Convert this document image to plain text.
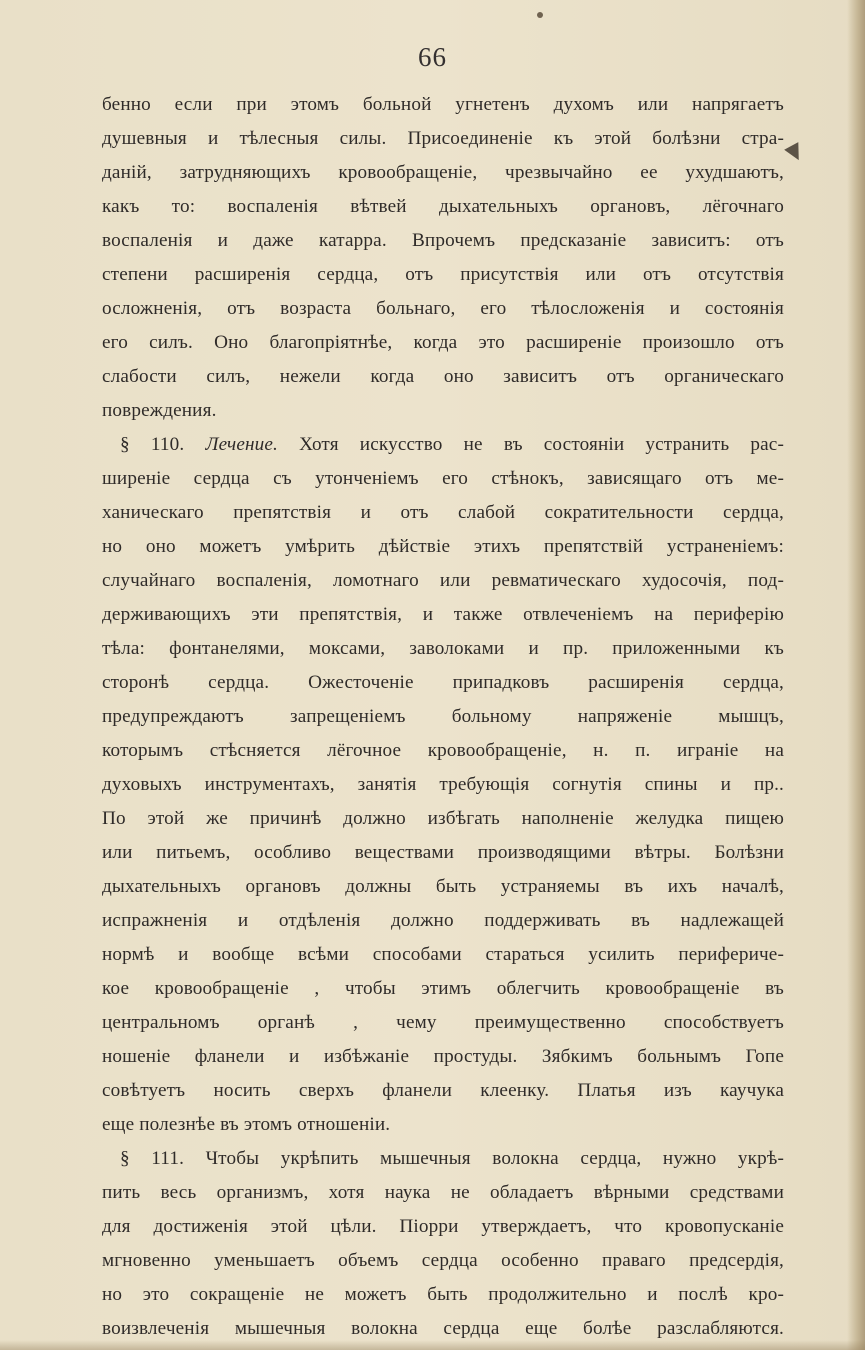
66
бенно если при этомъ больной угнетенъ духомъ или напрягаетъ
душевныя и тѣлесныя силы. Присоединеніе къ этой болѣзни стра-
даній, затрудняющихъ кровообращеніе, чрезвычайно ее ухудшаютъ,
какъ то: воспаленія вѣтвей дыхательныхъ органовъ, лёгочнаго
воспаленія и даже катарра. Впрочемъ предсказаніе зависитъ: отъ
степени расширенія сердца, отъ присутствія или отъ отсутствія
осложненія, отъ возраста больнаго, его тѣлосложенія и состоянія
его силъ. Оно благопріятнѣе, когда это расширеніе произошло отъ
слабости силъ, нежели когда оно зависитъ отъ органическаго
повреждения.
§ 110. Лечение. Хотя искусство не въ состояніи устранить рас-
ширеніе сердца съ утонченіемъ его стѣнокъ, зависящаго отъ ме-
ханическаго препятствія и отъ слабой сократительности сердца,
но оно можетъ умѣрить дѣйствіе этихъ препятствій устраненіемъ:
случайнаго воспаленія, ломотнаго или ревматическаго худосочія, под-
держивающихъ эти препятствія, и также отвлеченіемъ на периферію
тѣла: фонтанелями, моксами, заволоками и пр. приложенными къ
сторонѣ сердца. Ожесточеніе припадковъ расширенія сердца,
предупреждаютъ запрещеніемъ больному напряженіе мышцъ,
которымъ стѣсняется лёгочное кровообращеніе, н. п. играніе на
духовыхъ инструментахъ, занятія требующія согнутія спины и пр..
По этой же причинѣ должно избѣгать наполненіе желудка пищею
или питьемъ, особливо веществами производящими вѣтры. Болѣзни
дыхательныхъ органовъ должны быть устраняемы въ ихъ началѣ,
испражненія и отдѣленія должно поддерживать въ надлежащей
нормѣ и вообще всѣми способами стараться усилить перифериче-
кое кровообращеніе , чтобы этимъ облегчить кровообращеніе въ
центральномъ органѣ , чему преимущественно способствуетъ
ношеніе фланели и избѣжаніе простуды. Зябкимъ больнымъ Гопе
совѣтуетъ носить сверхъ фланели клеенку. Платья изъ каучука
еще полезнѣе въ этомъ отношеніи.
§ 111. Чтобы укрѣпить мышечныя волокна сердца, нужно укрѣ-
пить весь организмъ, хотя наука не обладаетъ вѣрными средствами
для достиженія этой цѣли. Піорри утверждаетъ, что кровопусканіе
мгновенно уменьшаетъ объемъ сердца особенно праваго предсердія,
но это сокращеніе не можетъ быть продолжительно и послѣ кро-
воизвлеченія мышечныя волокна сердца еще болѣе разслабляются.
